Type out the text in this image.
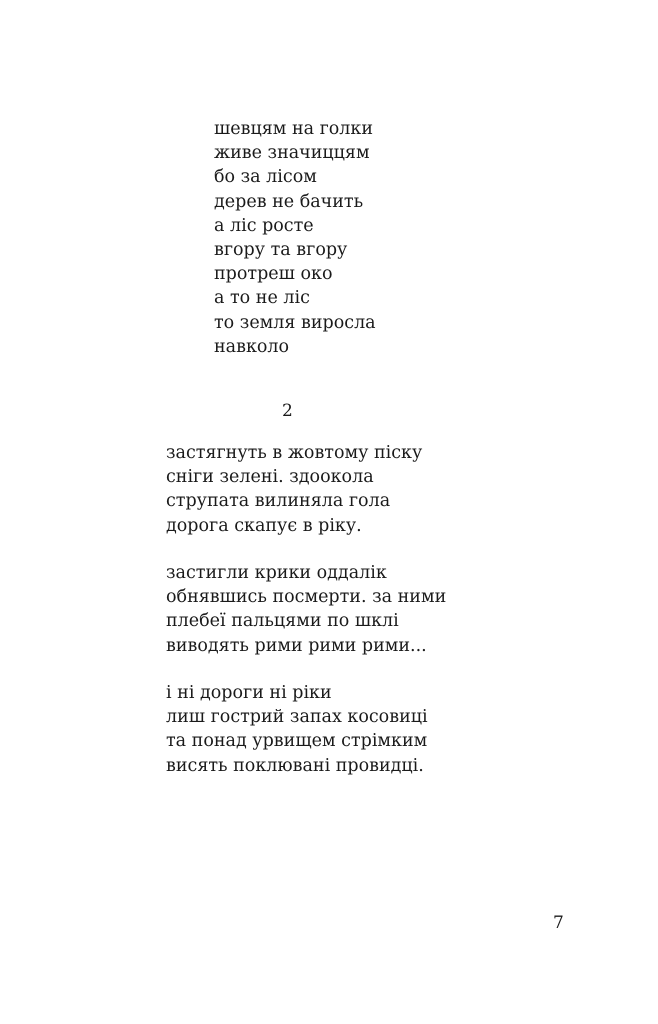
шевцям на голки
живе значиццям
бо за лісом
дерев не бачить
а ліс росте
вгору та вгору
протреш око
а то не ліс
то земля виросла
навколо
2
застягнуть в жовтому піску
сніги зелені. здоокола
струпата вилиняла гола
дорога скапує в ріку.
застигли крики оддалік
обнявшись посмерти. за ними
плебеї пальцями по шклі
виводять рими рими рими...
і ні дороги ні ріки
лиш гострий запах косовиці
та понад урвищем стрімким
висять поклювані провидці.
7
